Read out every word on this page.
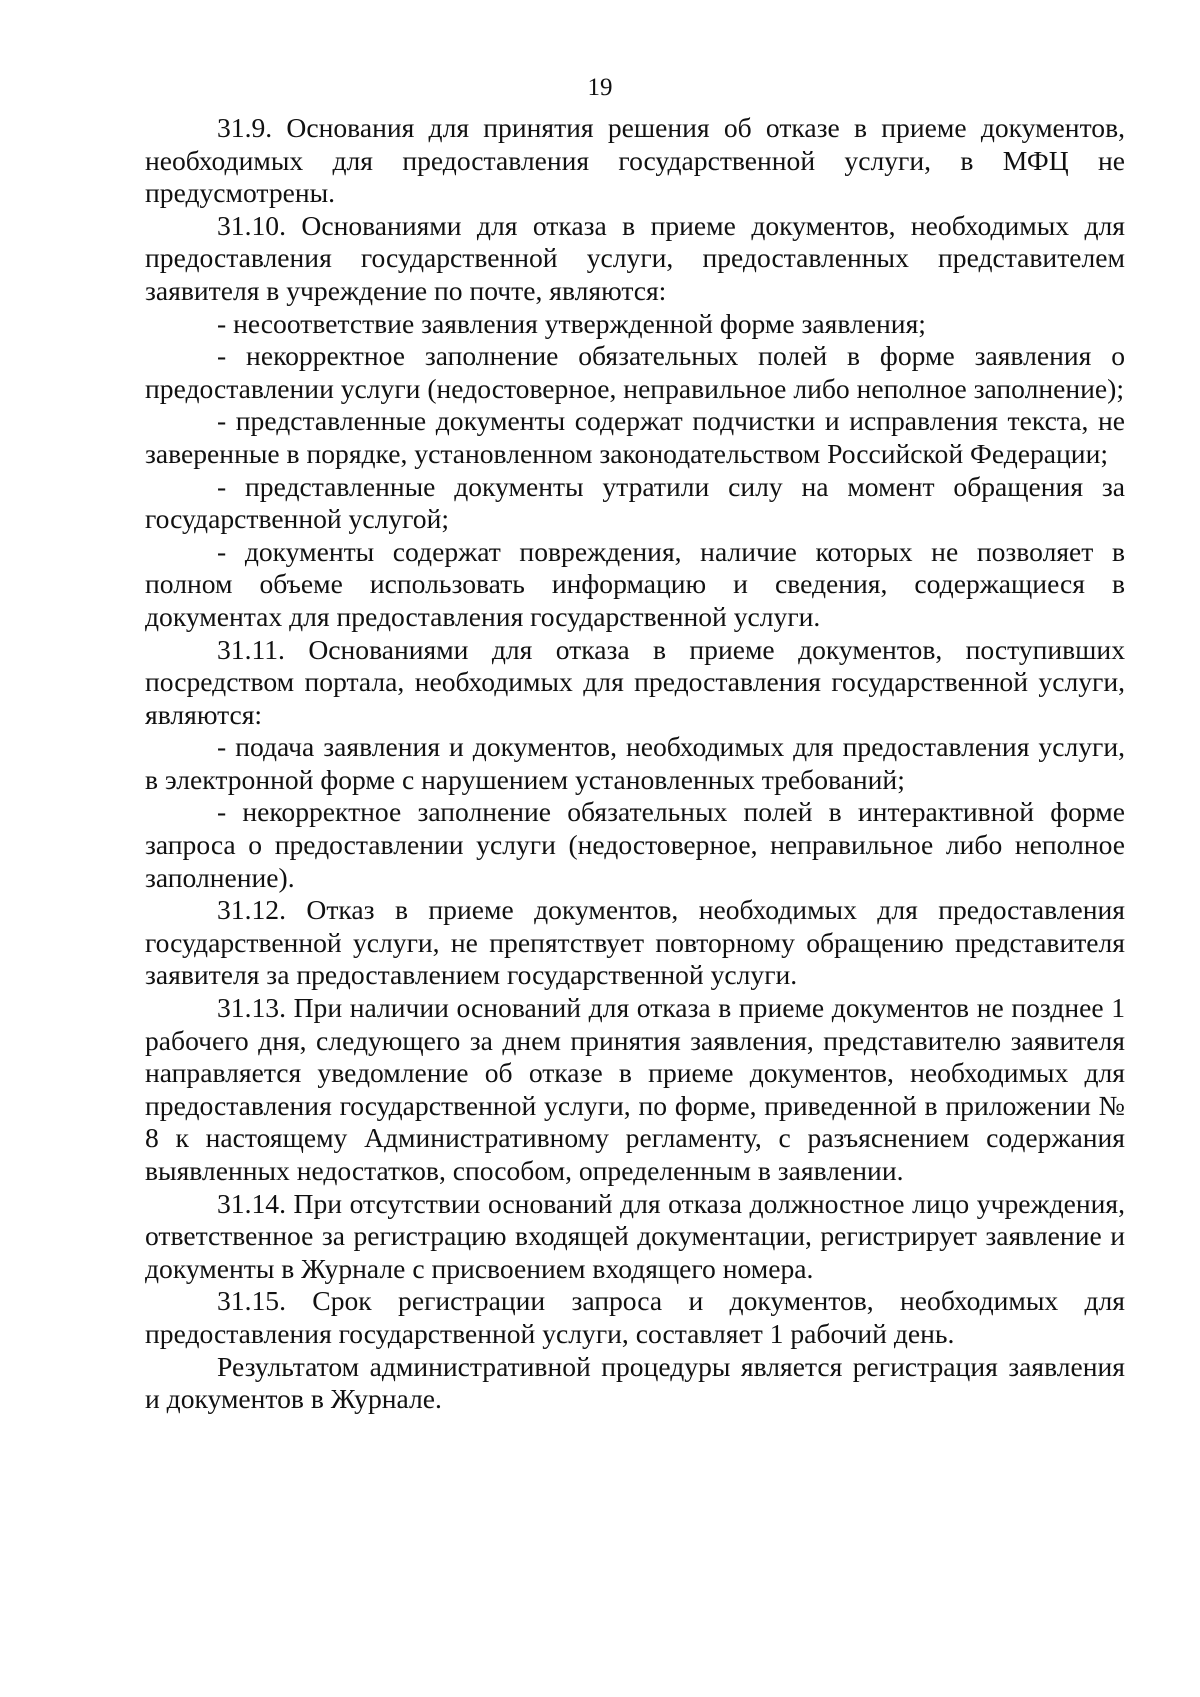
19

31.9. Основания для принятия решения об отказе в приеме документов, необходимых для предоставления государственной услуги, в МФЦ не предусмотрены.

31.10. Основаниями для отказа в приеме документов, необходимых для предоставления государственной услуги, предоставленных представителем заявителя в учреждение по почте, являются:

- несоответствие заявления утвержденной форме заявления;

- некорректное заполнение обязательных полей в форме заявления о предоставлении услуги (недостоверное, неправильное либо неполное заполнение);

- представленные документы содержат подчистки и исправления текста, не заверенные в порядке, установленном законодательством Российской Федерации;

- представленные документы утратили силу на момент обращения за государственной услугой;

- документы содержат повреждения, наличие которых не позволяет в полном объеме использовать информацию и сведения, содержащиеся в документах для предоставления государственной услуги.

31.11. Основаниями для отказа в приеме документов, поступивших посредством портала, необходимых для предоставления государственной услуги, являются:

- подача заявления и документов, необходимых для предоставления услуги, в электронной форме с нарушением установленных требований;

- некорректное заполнение обязательных полей в интерактивной форме запроса о предоставлении услуги (недостоверное, неправильное либо неполное заполнение).

31.12. Отказ в приеме документов, необходимых для предоставления государственной услуги, не препятствует повторному обращению представителя заявителя за предоставлением государственной услуги.

31.13. При наличии оснований для отказа в приеме документов не позднее 1 рабочего дня, следующего за днем принятия заявления, представителю заявителя направляется уведомление об отказе в приеме документов, необходимых для предоставления государственной услуги, по форме, приведенной в приложении № 8 к настоящему Административному регламенту, с разъяснением содержания выявленных недостатков, способом, определенным в заявлении.

31.14. При отсутствии оснований для отказа должностное лицо учреждения, ответственное за регистрацию входящей документации, регистрирует заявление и документы в Журнале с присвоением входящего номера.

31.15. Срок регистрации запроса и документов, необходимых для предоставления государственной услуги, составляет 1 рабочий день.

Результатом административной процедуры является регистрация заявления и документов в Журнале.
